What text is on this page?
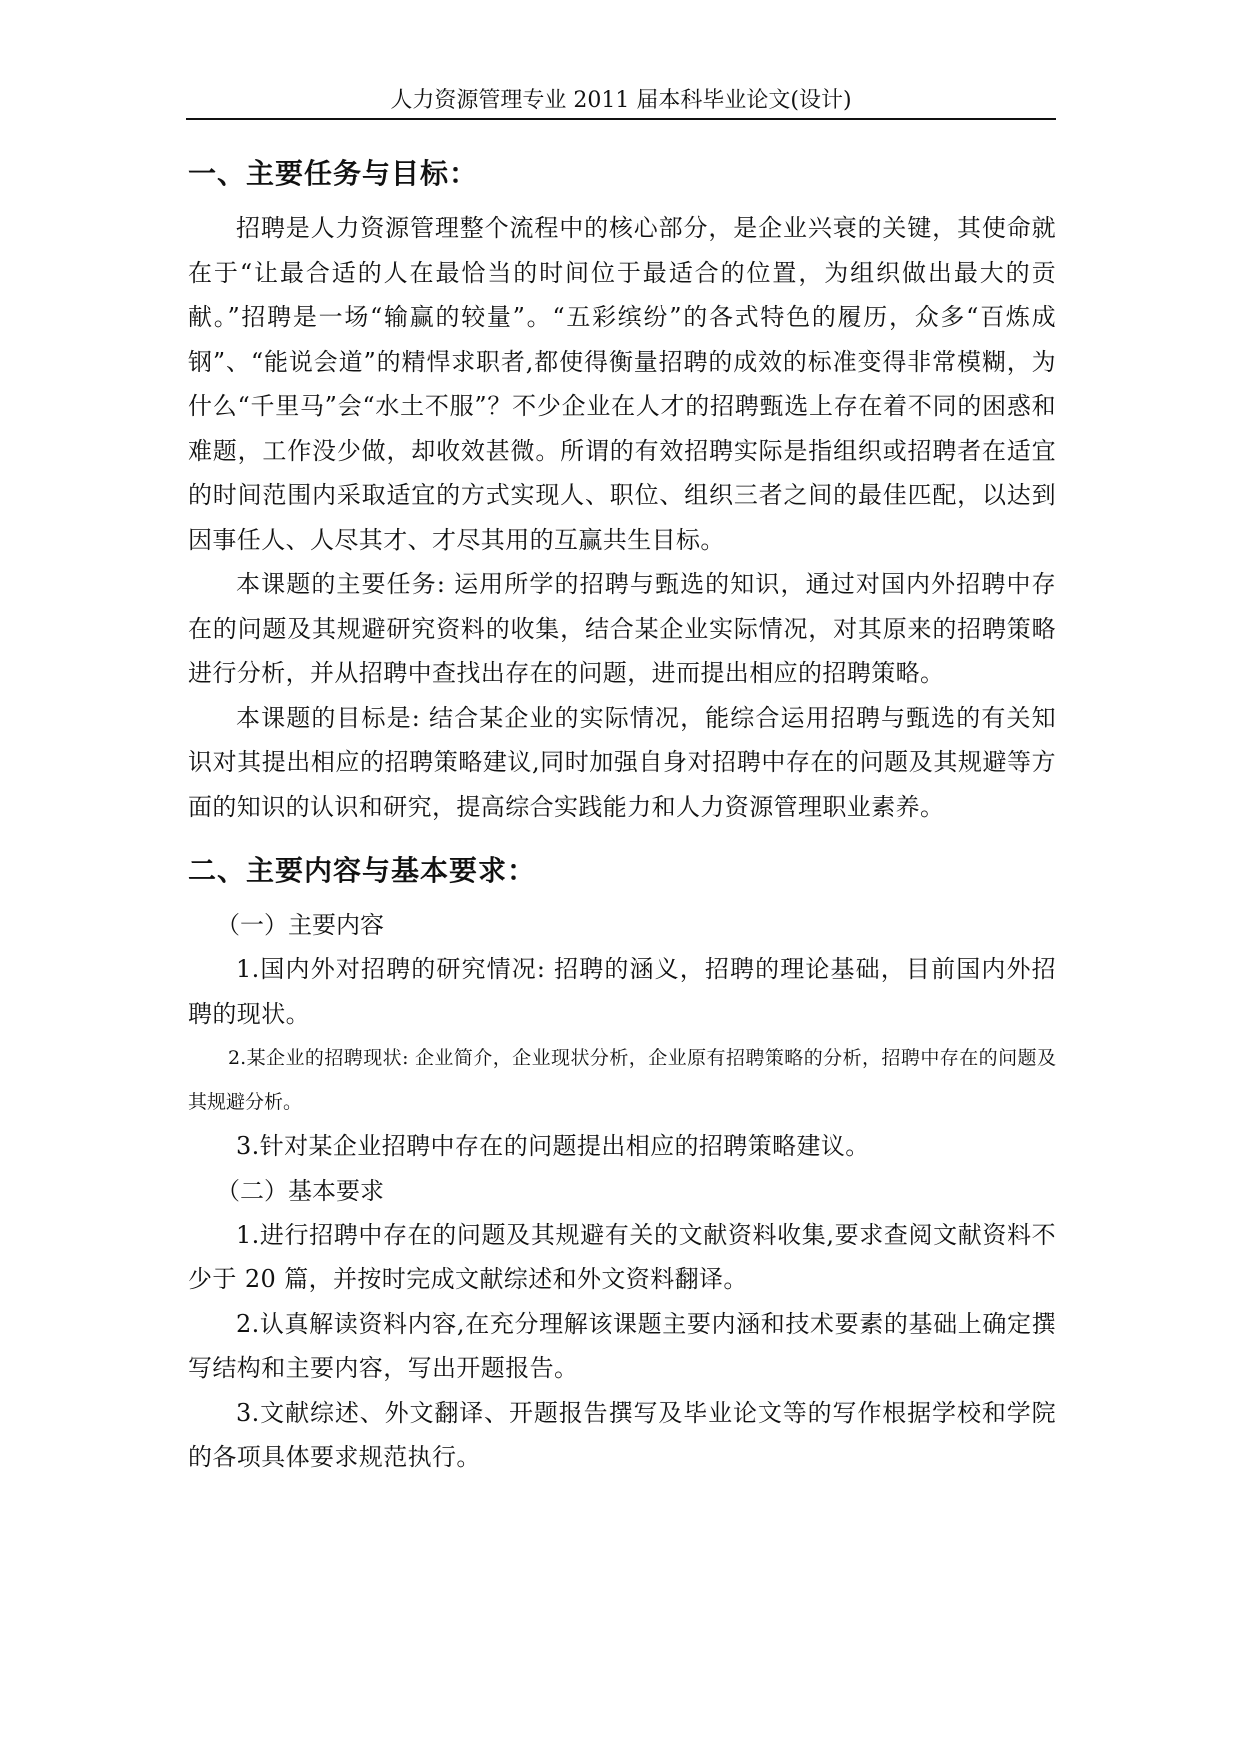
人力资源管理专业 2011 届本科毕业论文(设计)
一、主要任务与目标：

招聘是人力资源管理整个流程中的核心部分，是企业兴衰的关键，其使命就在于“让最合适的人在最恰当的时间位于最适合的位置，为组织做出最大的贡献。”招聘是一场“输赢的较量”。“五彩缤纷”的各式特色的履历，众多“百炼成钢”、“能说会道”的精悍求职者,都使得衡量招聘的成效的标准变得非常模糊，为什么“千里马”会“水土不服”？不少企业在人才的招聘甄选上存在着不同的困惑和难题，工作没少做，却收效甚微。所谓的有效招聘实际是指组织或招聘者在适宜的时间范围内采取适宜的方式实现人、职位、组织三者之间的最佳匹配，以达到因事任人、人尽其才、才尽其用的互赢共生目标。

本课题的主要任务: 运用所学的招聘与甄选的知识，通过对国内外招聘中存在的问题及其规避研究资料的收集，结合某企业实际情况，对其原来的招聘策略进行分析，并从招聘中查找出存在的问题，进而提出相应的招聘策略。

本课题的目标是: 结合某企业的实际情况，能综合运用招聘与甄选的有关知识对其提出相应的招聘策略建议,同时加强自身对招聘中存在的问题及其规避等方面的知识的认识和研究，提高综合实践能力和人力资源管理职业素养。

二、主要内容与基本要求：

（一）主要内容

1.国内外对招聘的研究情况: 招聘的涵义，招聘的理论基础，目前国内外招聘的现状。

2.某企业的招聘现状: 企业简介，企业现状分析，企业原有招聘策略的分析，招聘中存在的问题及其规避分析。

3.针对某企业招聘中存在的问题提出相应的招聘策略建议。

（二）基本要求

1.进行招聘中存在的问题及其规避有关的文献资料收集,要求查阅文献资料不少于 20 篇，并按时完成文献综述和外文资料翻译。

2.认真解读资料内容,在充分理解该课题主要内涵和技术要素的基础上确定撰写结构和主要内容，写出开题报告。

3.文献综述、外文翻译、开题报告撰写及毕业论文等的写作根据学校和学院的各项具体要求规范执行。
